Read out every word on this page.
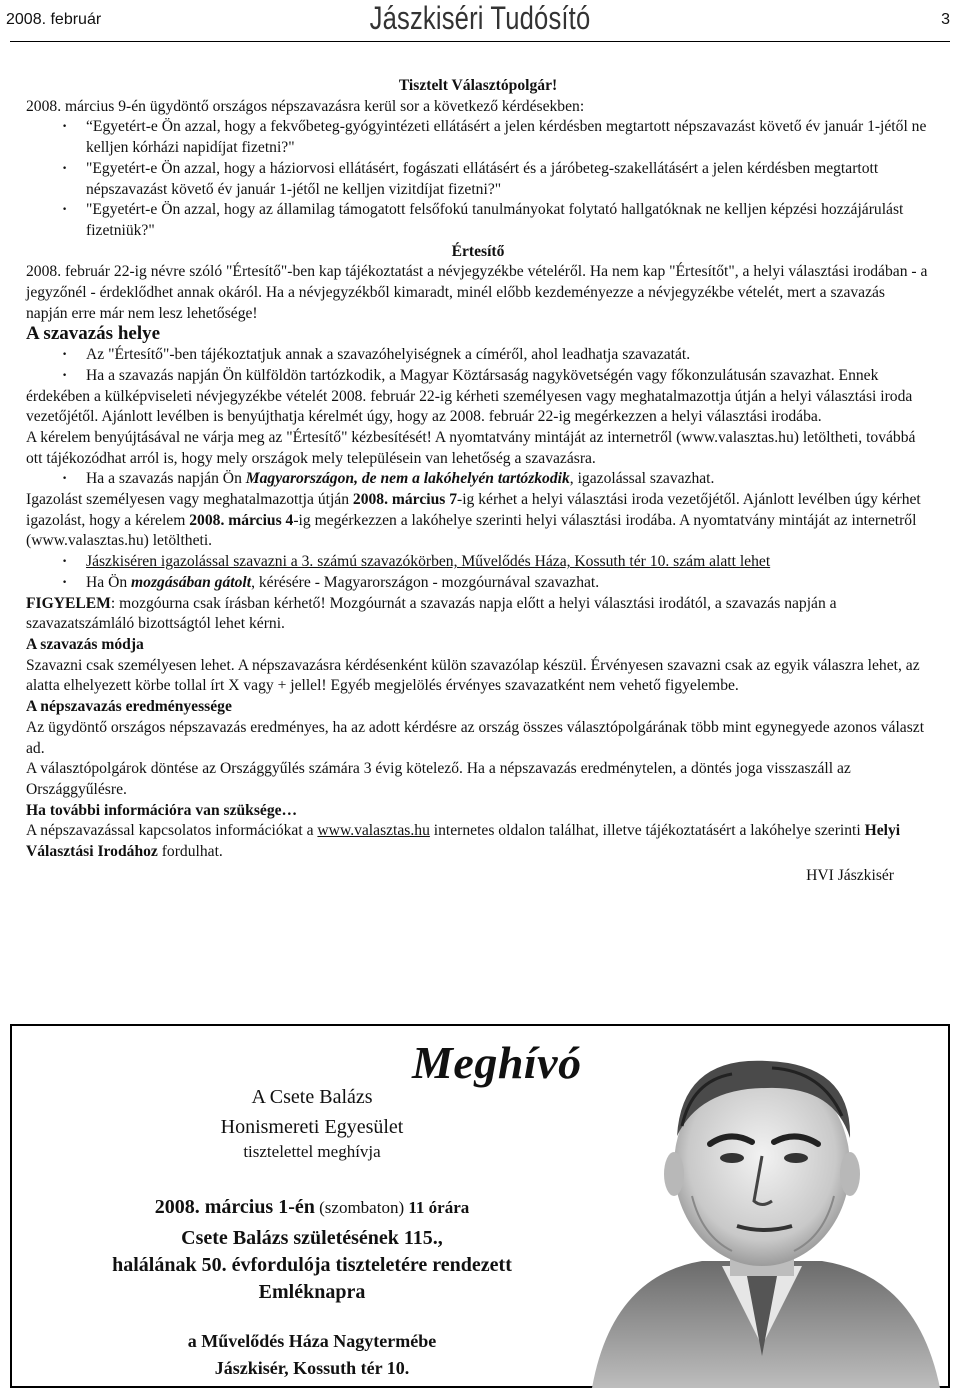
2008. február	Jászkiséri Tudósító	3

Tisztelt Választópolgár!

2008. március 9-én ügydöntő országos népszavazásra kerül sor a következő kérdésekben:

·“Egyetért-e Ön azzal, hogy a fekvőbeteg-gyógyintézeti ellátásért a jelen kérdésben megtartott népszavazást követő év január 1-jétől ne kelljen kórházi napidíjat fizetni?"

·"Egyetért-e Ön azzal, hogy a háziorvosi ellátásért, fogászati ellátásért és a járóbeteg-szakellátásért a jelen kérdésben megtartott népszavazást követő év január 1-jétől ne kelljen vizitdíjat fizetni?"

·"Egyetért-e Ön azzal, hogy az államilag támogatott felsőfokú tanulmányokat folytató hallgatóknak ne kelljen képzési hozzájárulást fizetniük?"

Értesítő

2008. február 22-ig névre szóló "Értesítő"-ben kap tájékoztatást a névjegyzékbe vételéről. Ha nem kap "Értesítőt", a helyi választási irodában - a jegyzőnél - érdeklődhet annak okáról. Ha a névjegyzékből kimaradt, minél előbb kezdeményezze a névjegyzékbe vételét, mert a szavazás napján erre már nem lesz lehetősége!

A szavazás helye

·Az "Értesítő"-ben tájékoztatjuk annak a szavazóhelyiségnek a címéről, ahol leadhatja szavazatát.

·Ha a szavazás napján Ön külföldön tartózkodik, a Magyar Köztársaság nagykövetségén vagy főkonzulátusán szavazhat. Ennek érdekében a külképviseleti névjegyzékbe vételét 2008. február 22-ig kérheti személyesen vagy meghatalmazottja útján a helyi választási iroda vezetőjétől. Ajánlott levélben is benyújthatja kérelmét úgy, hogy az 2008. február 22-ig megérkezzen a helyi választási irodába.

A kérelem benyújtásával ne várja meg az "Értesítő" kézbesítését! A nyomtatvány mintáját az internetről (www.valasztas.hu) letöltheti, továbbá ott tájékozódhat arról is, hogy mely országok mely településein van lehetőség a szavazásra.

·Ha a szavazás napján Ön Magyarországon, de nem a lakóhelyén tartózkodik, igazolással szavazhat.

Igazolást személyesen vagy meghatalmazottja útján 2008. március 7-ig kérhet a helyi választási iroda vezetőjétől. Ajánlott levélben úgy kérhet igazolást, hogy a kérelem 2008. március 4-ig megérkezzen a lakóhelye szerinti helyi választási irodába. A nyomtatvány mintáját az internetről (www.valasztas.hu) letöltheti.

·Jászkiséren igazolással szavazni a 3. számú szavazókörben, Művelődés Háza, Kossuth tér 10. szám alatt lehet

·Ha Ön mozgásában gátolt, kérésére - Magyarországon - mozgóurnával szavazhat.

FIGYELEM: mozgóurna csak írásban kérhető! Mozgóurnát a szavazás napja előtt a helyi választási irodától, a szavazás napján a szavazatszámláló bizottságtól lehet kérni.

A szavazás módja

Szavazni csak személyesen lehet. A népszavazásra kérdésenként külön szavazólap készül. Érvényesen szavazni csak az egyik válaszra lehet, az alatta elhelyezett körbe tollal írt X vagy + jellel! Egyéb megjelölés érvényes szavazatként nem vehető figyelembe.

A népszavazás eredményessége

Az ügydöntő országos népszavazás eredményes, ha az adott kérdésre az ország összes választópolgárának több mint egynegyede azonos választ ad.

A választópolgárok döntése az Országgyűlés számára 3 évig kötelező. Ha a népszavazás eredménytelen, a döntés joga visszaszáll az Országgyűlésre.

Ha további információra van szüksége…

A népszavazással kapcsolatos információkat a www.valasztas.hu internetes oldalon találhat, illetve tájékoztatásért a lakóhelye szerinti Helyi Választási Irodához fordulhat.

HVI Jászkisér

Meghívó
A Csete Balázs
Honismereti Egyesület
tisztelettel meghívja
2008. március 1-én (szombaton) 11 órára
Csete Balázs születésének 115.,
halálának 50. évfordulója tiszteletére rendezett
Emléknapra
a Művelődés Háza Nagytermébe
Jászkisér, Kossuth tér 10.
